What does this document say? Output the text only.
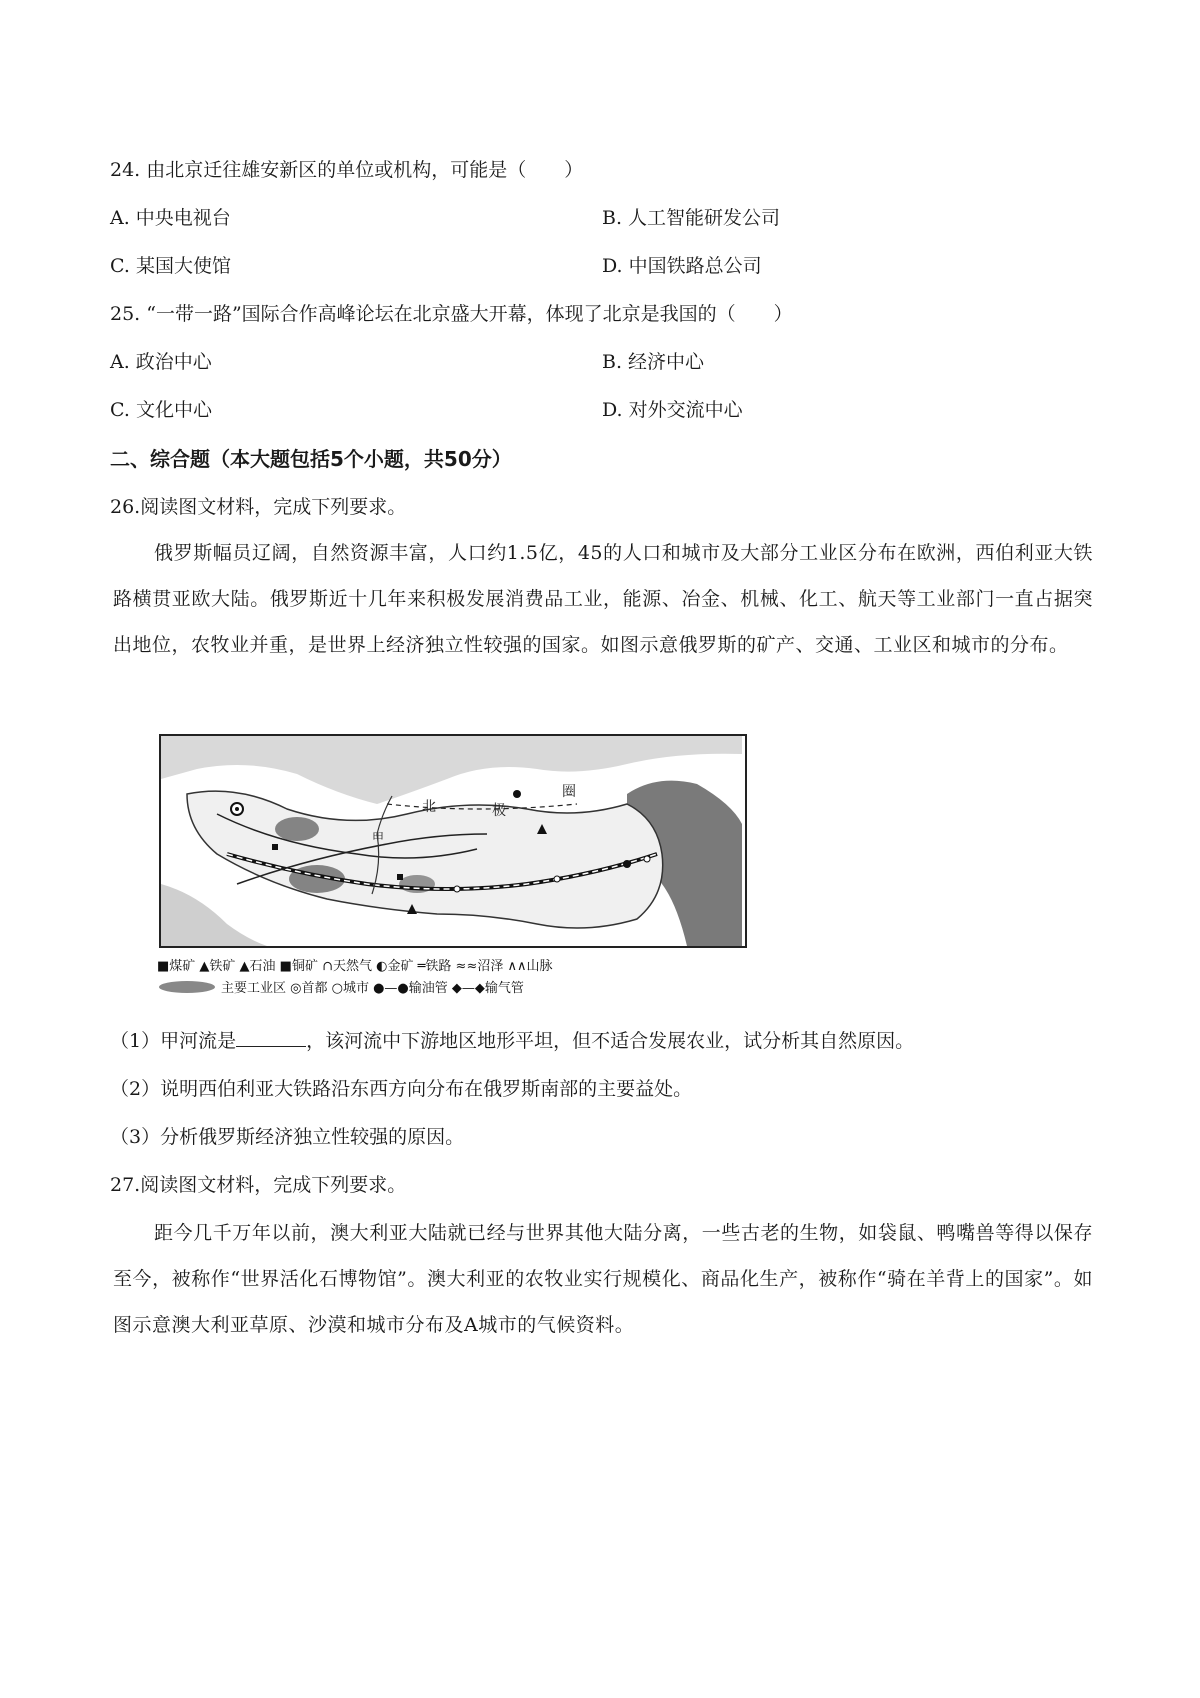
24. 由北京迁往雄安新区的单位或机构，可能是（　　）
A. 中央电视台	B. 人工智能研发公司
C. 某国大使馆	D. 中国铁路总公司
25. “一带一路”国际合作高峰论坛在北京盛大开幕，体现了北京是我国的（　　）
A. 政治中心	B. 经济中心
C. 文化中心	D. 对外交流中心
二、综合题（本大题包括5个小题，共50分）
26.阅读图文材料，完成下列要求。
俄罗斯幅员辽阔，自然资源丰富，人口约1.5亿，45的人口和城市及大部分工业区分布在欧洲，西伯利亚大铁路横贯亚欧大陆。俄罗斯近十几年来积极发展消费品工业，能源、冶金、机械、化工、航天等工业部门一直占据突出地位，农牧业并重，是世界上经济独立性较强的国家。如图示意俄罗斯的矿产、交通、工业区和城市的分布。
北	极
圈
甲
■煤矿 ▲铁矿 ▲石油 ■铜矿 ∩天然气 ◐金矿 ═铁路 ≈≈沼泽 ∧∧山脉
主要工业区 ◎首都 ○城市 ●—●输油管 ◆—◆输气管
（1）甲河流是	，该河流中下游地区地形平坦，但不适合发展农业，试分析其自然原因。
（2）说明西伯利亚大铁路沿东西方向分布在俄罗斯南部的主要益处。
（3）分析俄罗斯经济独立性较强的原因。
27.阅读图文材料，完成下列要求。
距今几千万年以前，澳大利亚大陆就已经与世界其他大陆分离，一些古老的生物，如袋鼠、鸭嘴兽等得以保存至今，被称作“世界活化石博物馆”。澳大利亚的农牧业实行规模化、商品化生产，被称作“骑在羊背上的国家”。如图示意澳大利亚草原、沙漠和城市分布及A城市的气候资料。
